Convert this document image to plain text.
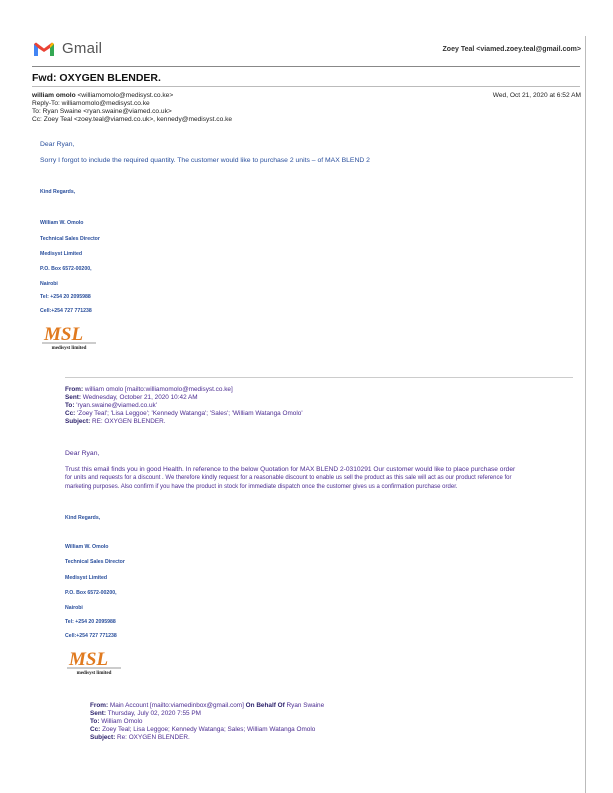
Gmail	Zoey Teal <viamed.zoey.teal@gmail.com>
Fwd: OXYGEN BLENDER.
william omolo <williamomolo@medisyst.co.ke>	Wed, Oct 21, 2020 at 6:52 AM
Reply-To: williamomolo@medisyst.co.ke
To: Ryan Swaine <ryan.swaine@viamed.co.uk>
Cc: Zoey Teal <zoey.teal@viamed.co.uk>, kennedy@medisyst.co.ke
Dear Ryan,
Sorry I forgot to include the required quantity. The customer would like to purchase 2 units – of MAX BLEND 2
Kind Regards,
William W. Omolo
Technical Sales Director
Medisyst Limited
P.O. Box 6572-00200,
Nairobi
Tel: +254 20 2095988
Cell:+254 727 771238
MSL
medisyst limited
From: william omolo [mailto:williamomolo@medisyst.co.ke]
Sent: Wednesday, October 21, 2020 10:42 AM
To: 'ryan.swaine@viamed.co.uk'
Cc: 'Zoey Teal'; 'Lisa Leggoe'; 'Kennedy Watanga'; 'Sales'; 'William Watanga Omolo'
Subject: RE: OXYGEN BLENDER.
Dear Ryan,
Trust this email finds you in good Health. In reference to the below Quotation for MAX BLEND 2-0310291 Our customer would like to place purchase order
for units and requests for a discount . We therefore kindly request for a reasonable discount to enable us sell the product as this sale will act as our product reference for
marketing purposes. Also confirm if you have the product in stock for immediate dispatch once the customer gives us a confirmation purchase order.
Kind Regards,
William W. Omolo
Technical Sales Director
Medisyst Limited
P.O. Box 6572-00200,
Nairobi
Tel: +254 20 2095988
Cell:+254 727 771238
MSL
medisyst limited
From: Main Account [mailto:viamedinbox@gmail.com] On Behalf Of Ryan Swaine
Sent: Thursday, July 02, 2020 7:55 PM
To: William Omolo
Cc: Zoey Teal; Lisa Leggoe; Kennedy Watanga; Sales; William Watanga Omolo
Subject: Re: OXYGEN BLENDER.
